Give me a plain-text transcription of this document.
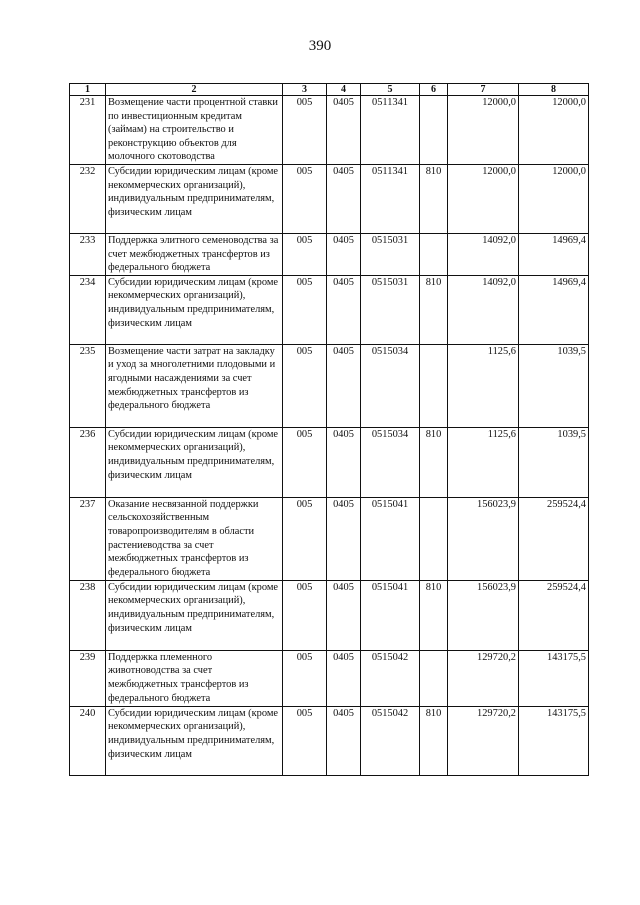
390
1	2	3	4	5	6	7	8
231	Возмещение части процентной ставки по инвестиционным кредитам (займам) на строительство и реконструкцию объектов для молочного скотоводства	005	0405	0511341		12000,0	12000,0
232	Субсидии юридическим лицам (кроме некоммерческих организаций), индивидуальным предпринимателям, физическим лицам	005	0405	0511341	810	12000,0	12000,0
233	Поддержка элитного семеноводства за счет межбюджетных трансфертов из федерального бюджета	005	0405	0515031		14092,0	14969,4
234	Субсидии юридическим лицам (кроме некоммерческих организаций), индивидуальным предпринимателям, физическим лицам	005	0405	0515031	810	14092,0	14969,4
235	Возмещение части затрат на закладку и уход за многолетними плодовыми и ягодными насаждениями за счет межбюджетных трансфертов из федерального бюджета	005	0405	0515034		1125,6	1039,5
236	Субсидии юридическим лицам (кроме некоммерческих организаций), индивидуальным предпринимателям, физическим лицам	005	0405	0515034	810	1125,6	1039,5
237	Оказание несвязанной поддержки сельскохозяйственным товаропроизводителям в области растениеводства за счет межбюджетных трансфертов из федерального бюджета	005	0405	0515041		156023,9	259524,4
238	Субсидии юридическим лицам (кроме некоммерческих организаций), индивидуальным предпринимателям, физическим лицам	005	0405	0515041	810	156023,9	259524,4
239	Поддержка племенного животноводства за счет межбюджетных трансфертов из федерального бюджета	005	0405	0515042		129720,2	143175,5
240	Субсидии юридическим лицам (кроме некоммерческих организаций), индивидуальным предпринимателям, физическим лицам	005	0405	0515042	810	129720,2	143175,5
